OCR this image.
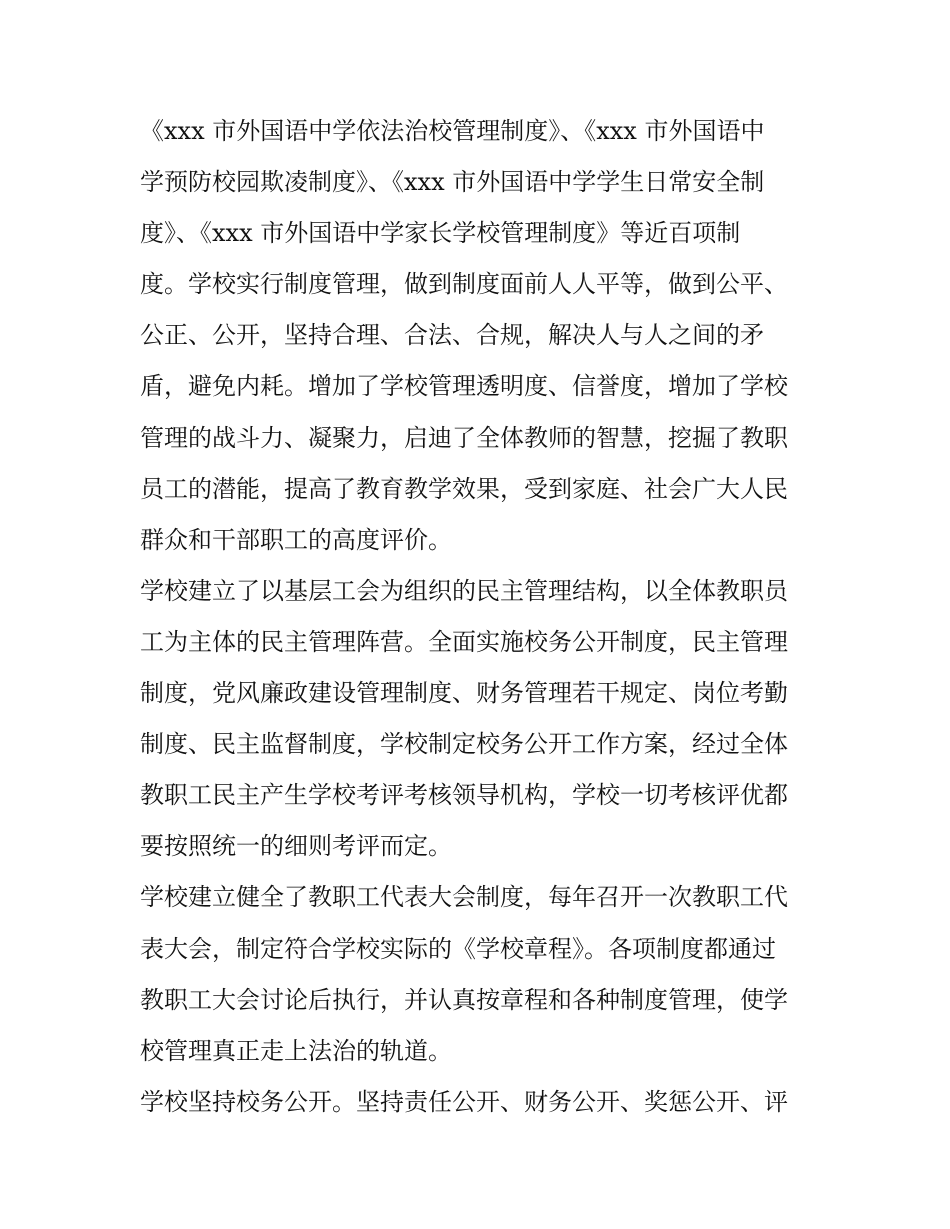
《xxx 市外国语中学依法治校管理制度》、《xxx 市外国语中
学预防校园欺凌制度》、《xxx 市外国语中学学生日常安全制
度》、《xxx 市外国语中学家长学校管理制度》等近百项制
度。学校实行制度管理，做到制度面前人人平等，做到公平、
公正、公开，坚持合理、合法、合规，解决人与人之间的矛
盾，避免内耗。增加了学校管理透明度、信誉度，增加了学校
管理的战斗力、凝聚力，启迪了全体教师的智慧，挖掘了教职
员工的潜能，提高了教育教学效果，受到家庭、社会广大人民
群众和干部职工的高度评价。
学校建立了以基层工会为组织的民主管理结构，以全体教职员
工为主体的民主管理阵营。全面实施校务公开制度，民主管理
制度，党风廉政建设管理制度、财务管理若干规定、岗位考勤
制度、民主监督制度，学校制定校务公开工作方案，经过全体
教职工民主产生学校考评考核领导机构，学校一切考核评优都
要按照统一的细则考评而定。
学校建立健全了教职工代表大会制度，每年召开一次教职工代
表大会，制定符合学校实际的《学校章程》。各项制度都通过
教职工大会讨论后执行，并认真按章程和各种制度管理，使学
校管理真正走上法治的轨道。
学校坚持校务公开。坚持责任公开、财务公开、奖惩公开、评
